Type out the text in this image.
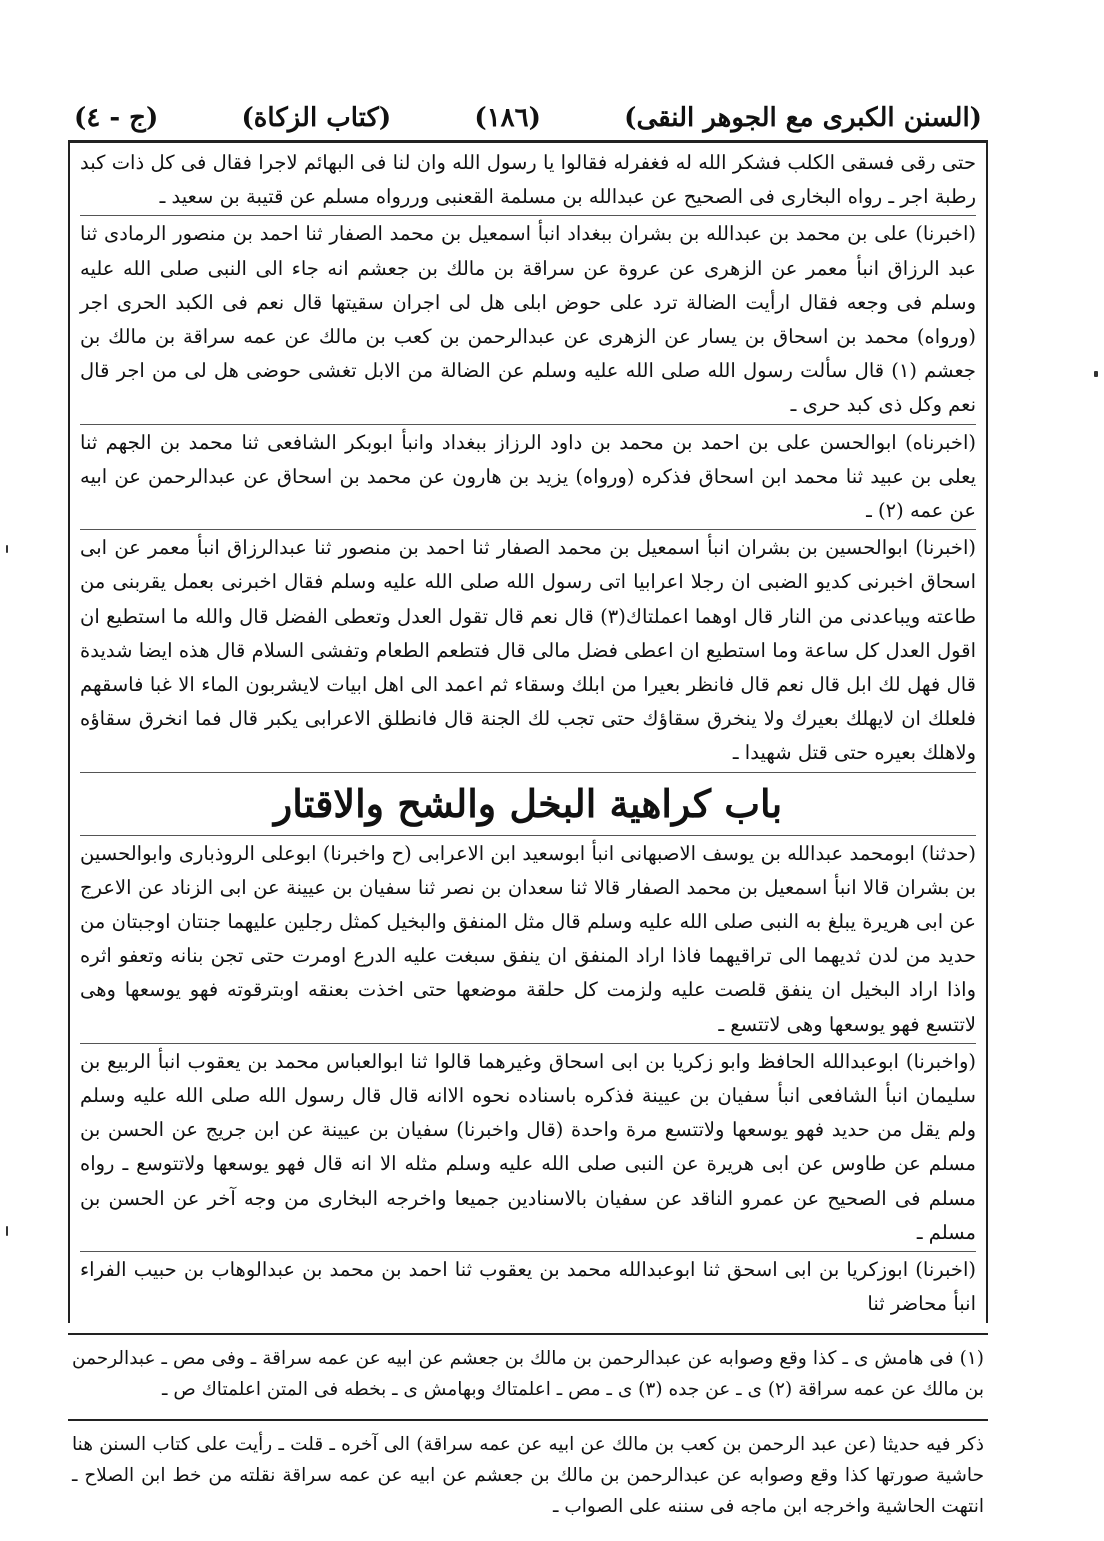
(السنن الكبرى مع الجوهر النقى)
(١٨٦)
(كتاب الزكاة)
(ج - ٤)

حتى رقى فسقى الكلب فشكر الله له فغفرله فقالوا يا رسول الله وان لنا فى البهائم لاجرا فقال فى كل ذات كبد رطبة اجر ـ رواه البخارى فى الصحيح عن عبدالله بن مسلمة القعنبى وررواه مسلم عن قتيبة بن سعيد ـ

(اخبرنا) على بن محمد بن عبدالله بن بشران ببغداد انبأ اسمعيل بن محمد الصفار ثنا احمد بن منصور الرمادى ثنا عبد الرزاق انبأ معمر عن الزهرى عن عروة عن سراقة بن مالك بن جعشم انه جاء الى النبى صلى الله عليه وسلم فى وجعه فقال ارأيت الضالة ترد على حوض ابلى هل لى اجران سقيتها قال نعم فى الكبد الحرى اجر (ورواه) محمد بن اسحاق بن يسار عن الزهرى عن عبدالرحمن بن كعب بن مالك عن عمه سراقة بن مالك بن جعشم (١) قال سألت رسول الله صلى الله عليه وسلم عن الضالة من الابل تغشى حوضى هل لى من اجر قال نعم وكل ذى كبد حرى ـ

(اخبرناه) ابوالحسن على بن احمد بن محمد بن داود الرزاز ببغداد وانبأ ابوبكر الشافعى ثنا محمد بن الجهم ثنا يعلى بن عبيد ثنا محمد ابن اسحاق فذكره (ورواه) يزيد بن هارون عن محمد بن اسحاق عن عبدالرحمن عن ابيه عن عمه (٢) ـ

(اخبرنا) ابوالحسين بن بشران انبأ اسمعيل بن محمد الصفار ثنا احمد بن منصور ثنا عبدالرزاق انبأ معمر عن ابى اسحاق اخبرنى كديو الضبى ان رجلا اعرابيا اتى رسول الله صلى الله عليه وسلم فقال اخبرنى بعمل يقربنى من طاعته ويباعدنى من النار قال اوهما اعملتاك(٣) قال نعم قال تقول العدل وتعطى الفضل قال والله ما استطيع ان اقول العدل كل ساعة وما استطيع ان اعطى فضل مالى قال فتطعم الطعام وتفشى السلام قال هذه ايضا شديدة قال فهل لك ابل قال نعم قال فانظر بعيرا من ابلك وسقاء ثم اعمد الى اهل ابيات لايشربون الماء الا غبا فاسقهم فلعلك ان لايهلك بعيرك ولا ينخرق سقاؤك حتى تجب لك الجنة قال فانطلق الاعرابى يكبر قال فما انخرق سقاؤه ولاهلك بعيره حتى قتل شهيدا ـ

باب كراهية البخل والشح والاقتار

(حدثنا) ابومحمد عبدالله بن يوسف الاصبهانى انبأ ابوسعيد ابن الاعرابى (ح واخبرنا) ابوعلى الروذبارى وابوالحسين بن بشران قالا انبأ اسمعيل بن محمد الصفار قالا ثنا سعدان بن نصر ثنا سفيان بن عيينة عن ابى الزناد عن الاعرج عن ابى هريرة يبلغ به النبى صلى الله عليه وسلم قال مثل المنفق والبخيل كمثل رجلين عليهما جنتان اوجبتان من حديد من لدن ثديهما الى تراقيهما فاذا اراد المنفق ان ينفق سبغت عليه الدرع اومرت حتى تجن بنانه وتعفو اثره واذا اراد البخيل ان ينفق قلصت عليه ولزمت كل حلقة موضعها حتى اخذت بعنقه اوبترقوته فهو يوسعها وهى لاتتسع فهو يوسعها وهى لاتتسع ـ

(واخبرنا) ابوعبدالله الحافظ وابو زكريا بن ابى اسحاق وغيرهما قالوا ثنا ابوالعباس محمد بن يعقوب انبأ الربيع بن سليمان انبأ الشافعى انبأ سفيان بن عيينة فذكره باسناده نحوه الاانه قال قال رسول الله صلى الله عليه وسلم ولم يقل من حديد فهو يوسعها ولاتتسع مرة واحدة (قال واخبرنا) سفيان بن عيينة عن ابن جريج عن الحسن بن مسلم عن طاوس عن ابى هريرة عن النبى صلى الله عليه وسلم مثله الا انه قال فهو يوسعها ولاتتوسع ـ رواه مسلم فى الصحيح عن عمرو الناقد عن سفيان بالاسنادين جميعا واخرجه البخارى من وجه آخر عن الحسن بن مسلم ـ

(اخبرنا) ابوزكريا بن ابى اسحق ثنا ابوعبدالله محمد بن يعقوب ثنا احمد بن محمد بن عبدالوهاب بن حبيب الفراء انبأ محاضر ثنا

(١) فى هامش ى ـ كذا وقع وصوابه عن عبدالرحمن بن مالك بن جعشم عن ابيه عن عمه سراقة ـ وفى مص ـ عبدالرحمن بن مالك عن عمه سراقة (٢) ى ـ عن جده (٣) ى ـ مص ـ اعلمتاك وبهامش ى ـ بخطه فى المتن اعلمتاك ص ـ

ذكر فيه حديثا (عن عبد الرحمن بن كعب بن مالك عن ابيه عن عمه سراقة) الى آخره ـ قلت ـ رأيت على كتاب السنن هنا حاشية صورتها كذا وقع وصوابه عن عبدالرحمن بن مالك بن جعشم عن ابيه عن عمه سراقة نقلته من خط ابن الصلاح ـ انتهت الحاشية واخرجه ابن ماجه فى سننه على الصواب ـ
